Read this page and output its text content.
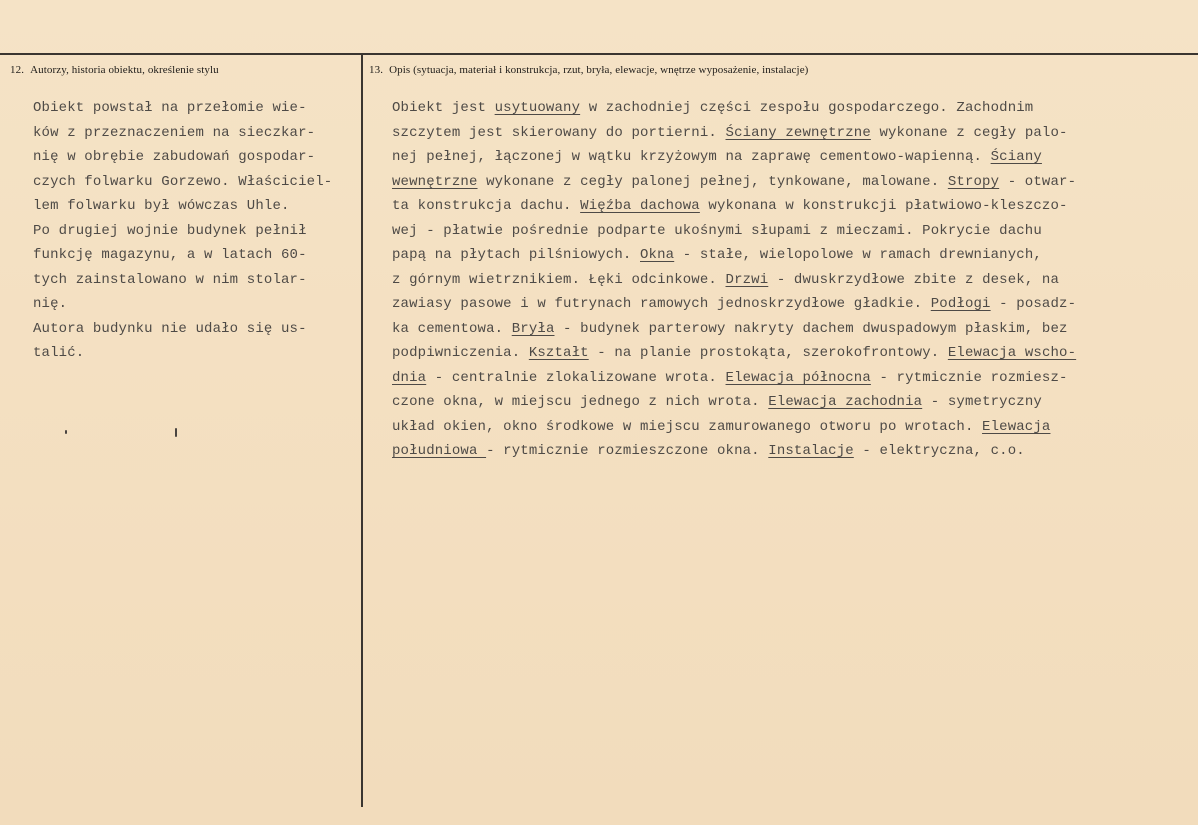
12. Autorzy, historia obiektu, określenie stylu	13. Opis (sytuacja, materiał i konstrukcja, rzut, bryła, elewacje, wnętrze wyposażenie, instalacje)
Obiekt powstał na przełomie wie-
ków z przeznaczeniem na sieczkar-
nię w obrębie zabudowań gospodar-
czych folwarku Gorzewo. Właściciel-
lem folwarku był wówczas Uhle.
Po drugiej wojnie budynek pełnił
funkcję magazynu, a w latach 60-
tych zainstalowano w nim stolar-
nię.
Autora budynku nie udało się us-
talić.
Obiekt jest usytuowany w zachodniej części zespołu gospodarczego. Zachodnim
szczytem jest skierowany do portierni. Ściany zewnętrzne wykonane z cegły palo-
nej pełnej, łączonej w wątku krzyżowym na zaprawę cementowo-wapienną. Ściany
wewnętrzne wykonane z cegły palonej pełnej, tynkowane, malowane. Stropy - otwar-
ta konstrukcja dachu. Więźba dachowa wykonana w konstrukcji płatwiowo-kleszczo-
wej - płatwie pośrednie podparte ukośnymi słupami z mieczami. Pokrycie dachu
papą na płytach pilśniowych. Okna - stałe, wielopolowe w ramach drewnianych,
z górnym wietrznikiem. Łęki odcinkowe. Drzwi - dwuskrzydłowe zbite z desek, na
zawiasy pasowe i w futrynach ramowych jednoskrzydłowe gładkie. Podłogi - posadz-
ka cementowa. Bryła - budynek parterowy nakryty dachem dwuspadowym płaskim, bez
podpiwniczenia. Kształt - na planie prostokąta, szerokofrontowy. Elewacja wscho-
dnia - centralnie zlokalizowane wrota. Elewacja północna - rytmicznie rozmiesz-
czone okna, w miejscu jednego z nich wrota. Elewacja zachodnia - symetryczny
układ okien, okno środkowe w miejscu zamurowanego otworu po wrotach. Elewacja
południowa - rytmicznie rozmieszczone okna. Instalacje - elektryczna, c.o.
